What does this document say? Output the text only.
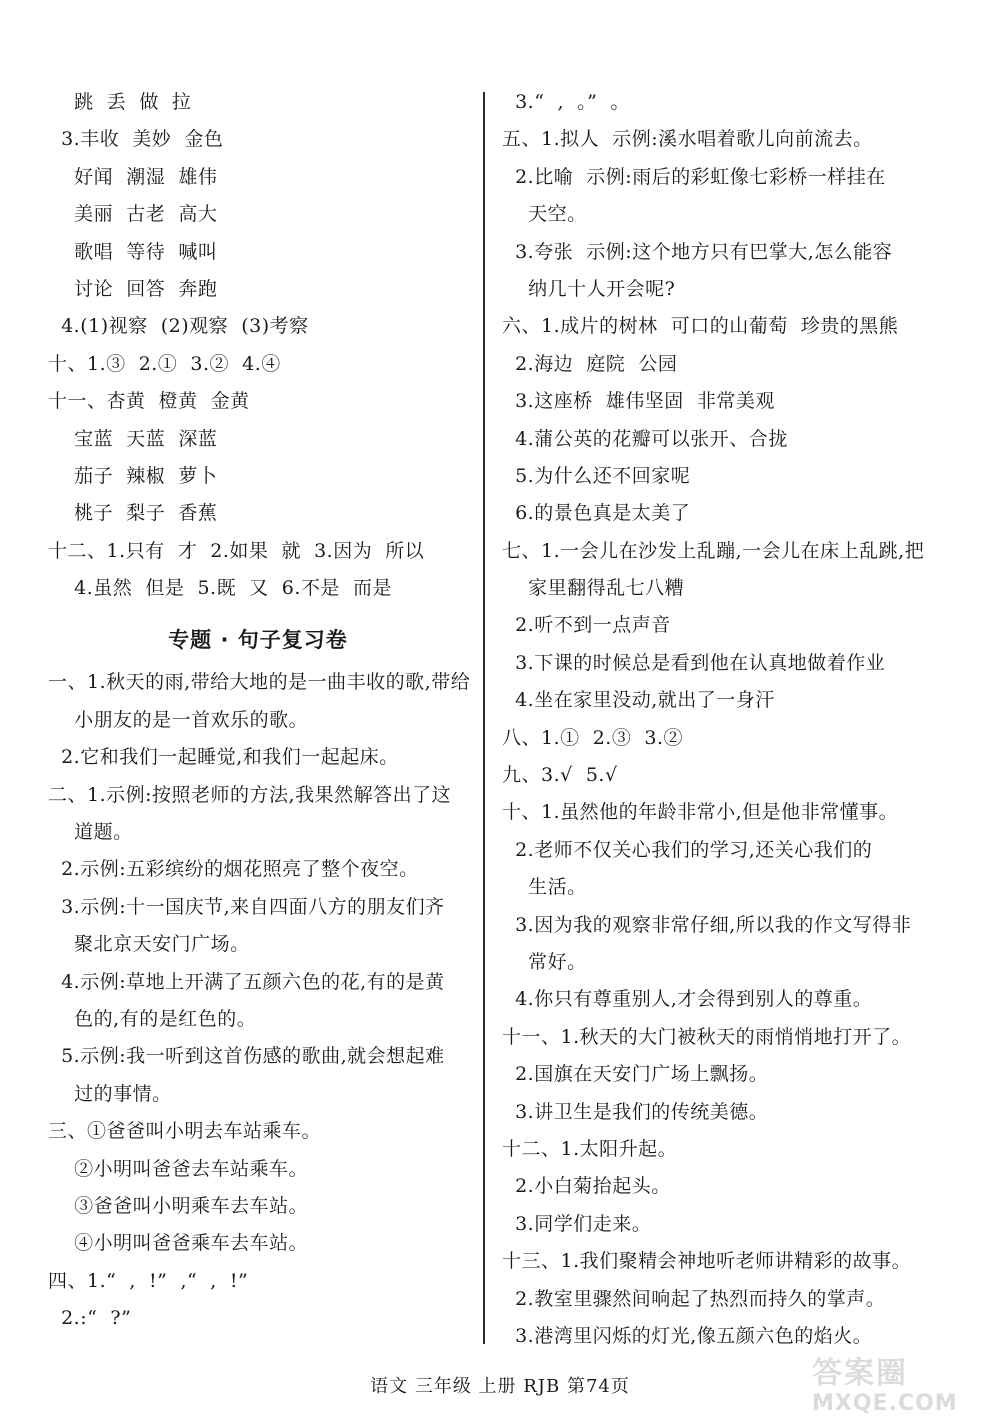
跳  丢  做  拉
3.丰收  美妙  金色
好闻  潮湿  雄伟
美丽  古老  高大
歌唱  等待  喊叫
讨论  回答  奔跑
4.(1)视察  (2)观察  (3)考察
十、1.③  2.①  3.②  4.④
十一、杏黄  橙黄  金黄
宝蓝  天蓝  深蓝
茄子  辣椒  萝卜
桃子  梨子  香蕉
十二、1.只有  才  2.如果  就  3.因为  所以
4.虽然  但是  5.既  又  6.不是  而是
专题 · 句子复习卷
一、1.秋天的雨,带给大地的是一曲丰收的歌,带给
小朋友的是一首欢乐的歌。
2.它和我们一起睡觉,和我们一起起床。
二、1.示例:按照老师的方法,我果然解答出了这
道题。
2.示例:五彩缤纷的烟花照亮了整个夜空。
3.示例:十一国庆节,来自四面八方的朋友们齐
聚北京天安门广场。
4.示例:草地上开满了五颜六色的花,有的是黄
色的,有的是红色的。
5.示例:我一听到这首伤感的歌曲,就会想起难
过的事情。
三、①爸爸叫小明去车站乘车。
②小明叫爸爸去车站乘车。
③爸爸叫小明乘车去车站。
④小明叫爸爸乘车去车站。
四、1.“  ,  !”  ,“  ,  !”
2.:“  ?”
3.“  ,  。”  。
五、1.拟人  示例:溪水唱着歌儿向前流去。
2.比喻  示例:雨后的彩虹像七彩桥一样挂在
天空。
3.夸张  示例:这个地方只有巴掌大,怎么能容
纳几十人开会呢?
六、1.成片的树林  可口的山葡萄  珍贵的黑熊
2.海边  庭院  公园
3.这座桥  雄伟坚固  非常美观
4.蒲公英的花瓣可以张开、合拢
5.为什么还不回家呢
6.的景色真是太美了
七、1.一会儿在沙发上乱蹦,一会儿在床上乱跳,把
家里翻得乱七八糟
2.听不到一点声音
3.下课的时候总是看到他在认真地做着作业
4.坐在家里没动,就出了一身汗
八、1.①  2.③  3.②
九、3.√  5.√
十、1.虽然他的年龄非常小,但是他非常懂事。
2.老师不仅关心我们的学习,还关心我们的
生活。
3.因为我的观察非常仔细,所以我的作文写得非
常好。
4.你只有尊重别人,才会得到别人的尊重。
十一、1.秋天的大门被秋天的雨悄悄地打开了。
2.国旗在天安门广场上飘扬。
3.讲卫生是我们的传统美德。
十二、1.太阳升起。
2.小白菊抬起头。
3.同学们走来。
十三、1.我们聚精会神地听老师讲精彩的故事。
2.教室里骤然间响起了热烈而持久的掌声。
3.港湾里闪烁的灯光,像五颜六色的焰火。
语文 三年级 上册 RJB 第74页	答案圈
MXQE.COM
